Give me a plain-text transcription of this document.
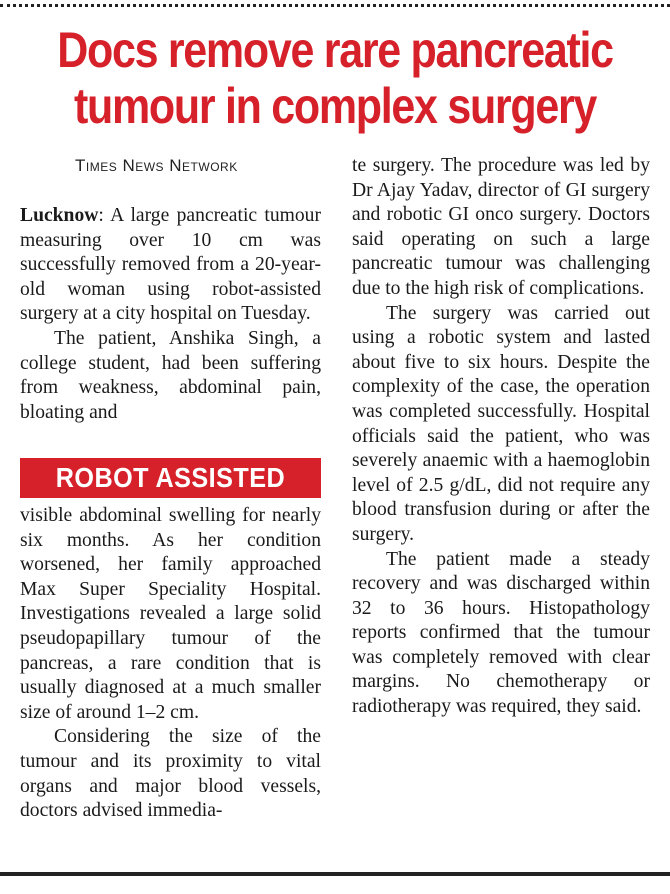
Docs remove rare pancreatic
tumour in complex surgery
Times News Network

Lucknow: A large pancreatic tumour measuring over 10 cm was successfully removed from a 20-year-old woman using robot-assisted surgery at a city hospital on Tuesday.

The patient, Anshika Singh, a college student, had been suffering from weakness, abdominal pain, bloating and

ROBOT ASSISTED

visible abdominal swelling for nearly six months. As her condition worsened, her family approached Max Super Speciality Hospital. Investigations revealed a large solid pseudopapillary tumour of the pancreas, a rare condition that is usually diagnosed at a much smaller size of around 1–2 cm.

Considering the size of the tumour and its proximity to vital organs and major blood vessels, doctors advised immedia-

te surgery. The procedure was led by Dr Ajay Yadav, director of GI surgery and robotic GI onco surgery. Doctors said operating on such a large pancreatic tumour was challenging due to the high risk of complications.

The surgery was carried out using a robotic system and lasted about five to six hours. Despite the complexity of the case, the operation was completed successfully. Hospital officials said the patient, who was severely anaemic with a haemoglobin level of 2.5 g/dL, did not require any blood transfusion during or after the surgery.

The patient made a steady recovery and was discharged within 32 to 36 hours. Histopathology reports confirmed that the tumour was completely removed with clear margins. No chemotherapy or radiotherapy was required, they said.
